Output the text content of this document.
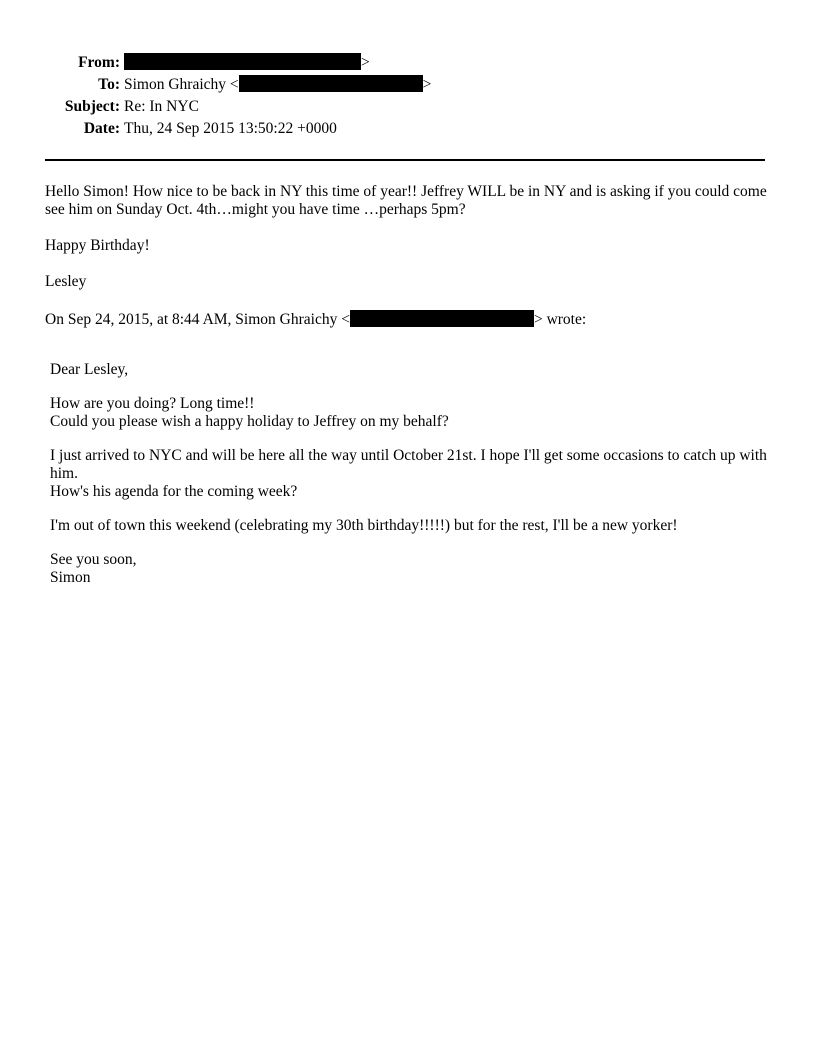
From:	>
To: Simon Ghraichy <	>
Subject: Re: In NYC
Date: Thu, 24 Sep 2015 13:50:22 +0000

Hello Simon! How nice to be back in NY this time of year!! Jeffrey WILL be in NY and is asking if you could come see him on Sunday Oct. 4th…might you have time …perhaps 5pm?

Happy Birthday!

Lesley

On Sep 24, 2015, at 8:44 AM, Simon Ghraichy <	> wrote:

Dear Lesley,

How are you doing? Long time!!

Could you please wish a happy holiday to Jeffrey on my behalf?

I just arrived to NYC and will be here all the way until October 21st. I hope I'll get some occasions to catch up with him.

How's his agenda for the coming week?

I'm out of town this weekend (celebrating my 30th birthday!!!!!) but for the rest, I'll be a new yorker!

See you soon,

Simon
